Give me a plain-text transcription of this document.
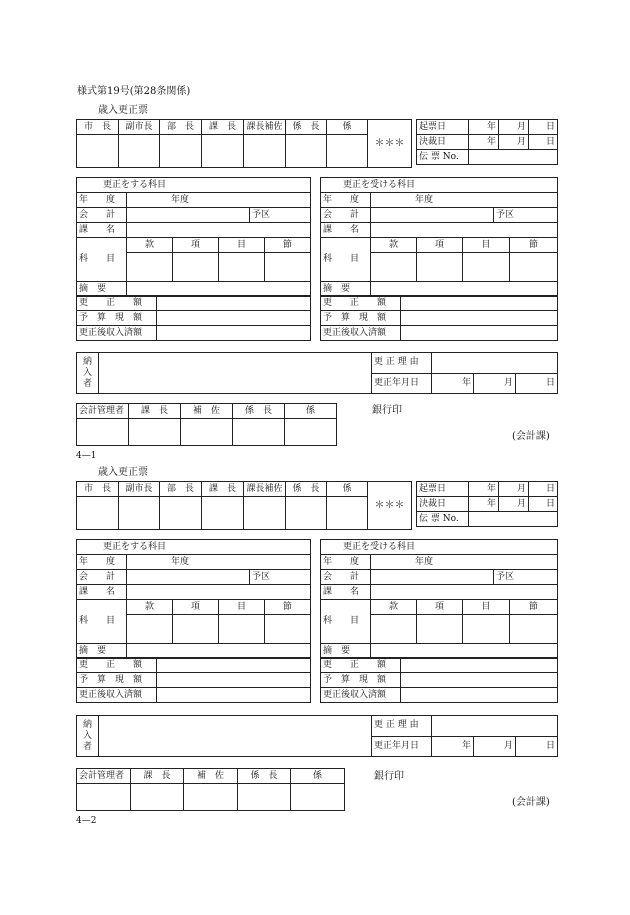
様式第19号(第28条関係)
歳入更正票
市　長	副市長	部　長	課　長	課長補佐	係　長	係	＊＊＊

起票日	年	月	日
決裁日	年	月	日
伝 票 No.			
更正をする科目					
年　　度	年度				
会　　計				予区	
課　　名					
科　　目	款	項	目		節

摘　要					
更　　正　　額	
予　算　現　額	
更正後収入済額	
更正を受ける科目					
年　　度	年度				
会　　計				予区	
課　　名					
科　　目	款	項	目		節

摘　要					
更　　正　　額	
予　算　現　額	
更正後収入済額	
納入者		更 正 理 由			
		更正年月日	年	月	日
会計管理者	課　長	補　佐	係　長	係
					銀行印
(会計課)
4—1
歳入更正票
市　長	副市長	部　長	課　長	課長補佐	係　長	係	＊＊＊

起票日	年	月	日
決裁日	年	月	日
伝 票 No.			
更正をする科目					
年　　度	年度				
会　　計				予区	
課　　名					
科　　目	款	項	目		節

摘　要					
更　　正　　額	
予　算　現　額	
更正後収入済額	
更正を受ける科目					
年　　度	年度				
会　　計				予区	
課　　名					
科　　目	款	項	目		節

摘　要					
更　　正　　額	
予　算　現　額	
更正後収入済額	
納入者		更 正 理 由			
		更正年月日	年	月	日
会計管理者	課　長	補　佐	係　長	係
					銀行印
(会計課)
4—2
